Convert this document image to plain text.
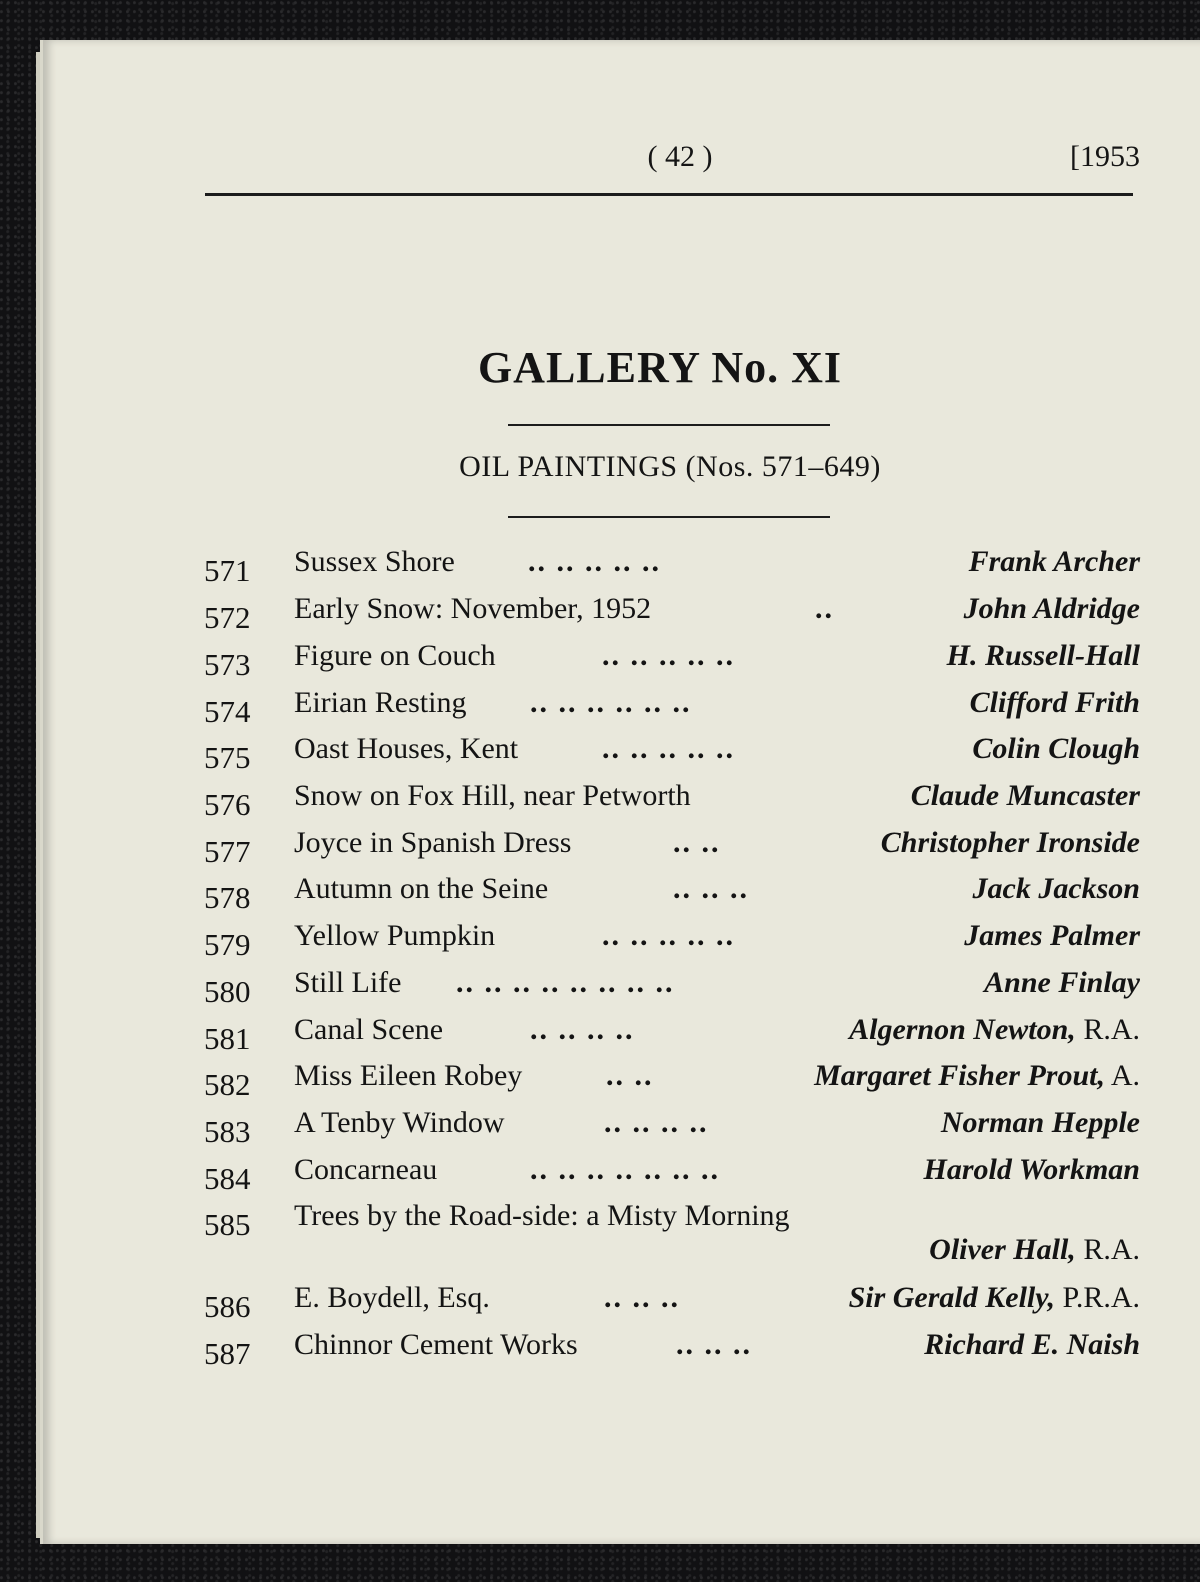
( 42 )	[1953
GALLERY No. XI
OIL PAINTINGS (Nos. 571–649)
571 Sussex Shore .. .. .. .. ..	Frank Archer
572 Early Snow: November, 1952	..	John Aldridge
573 Figure on Couch	.. .. .. .. ..	H. Russell-Hall
574 Eirian Resting .. .. .. .. .. ..	Clifford Frith
575 Oast Houses, Kent	.. .. .. .. ..	Colin Clough
576 Snow on Fox Hill, near Petworth	Claude Muncaster
577 Joyce in Spanish Dress	.. ..	Christopher Ironside
578 Autumn on the Seine	.. .. ..	Jack Jackson
579 Yellow Pumpkin	.. .. .. .. ..	James Palmer
580 Still Life .. .. .. .. .. .. .. ..	Anne Finlay
581 Canal Scene	.. .. .. ..	Algernon Newton, R.A.
582 Miss Eileen Robey	.. ..	Margaret Fisher Prout, A.
583 A Tenby Window	.. .. .. ..	Norman Hepple
584 Concarneau	.. .. .. .. .. .. ..	Harold Workman
585 Trees by the Road-side: a Misty Morning
Oliver Hall, R.A.
586 E. Boydell, Esq.	.. .. ..	Sir Gerald Kelly, P.R.A.
587 Chinnor Cement Works	.. .. ..	Richard E. Naish
